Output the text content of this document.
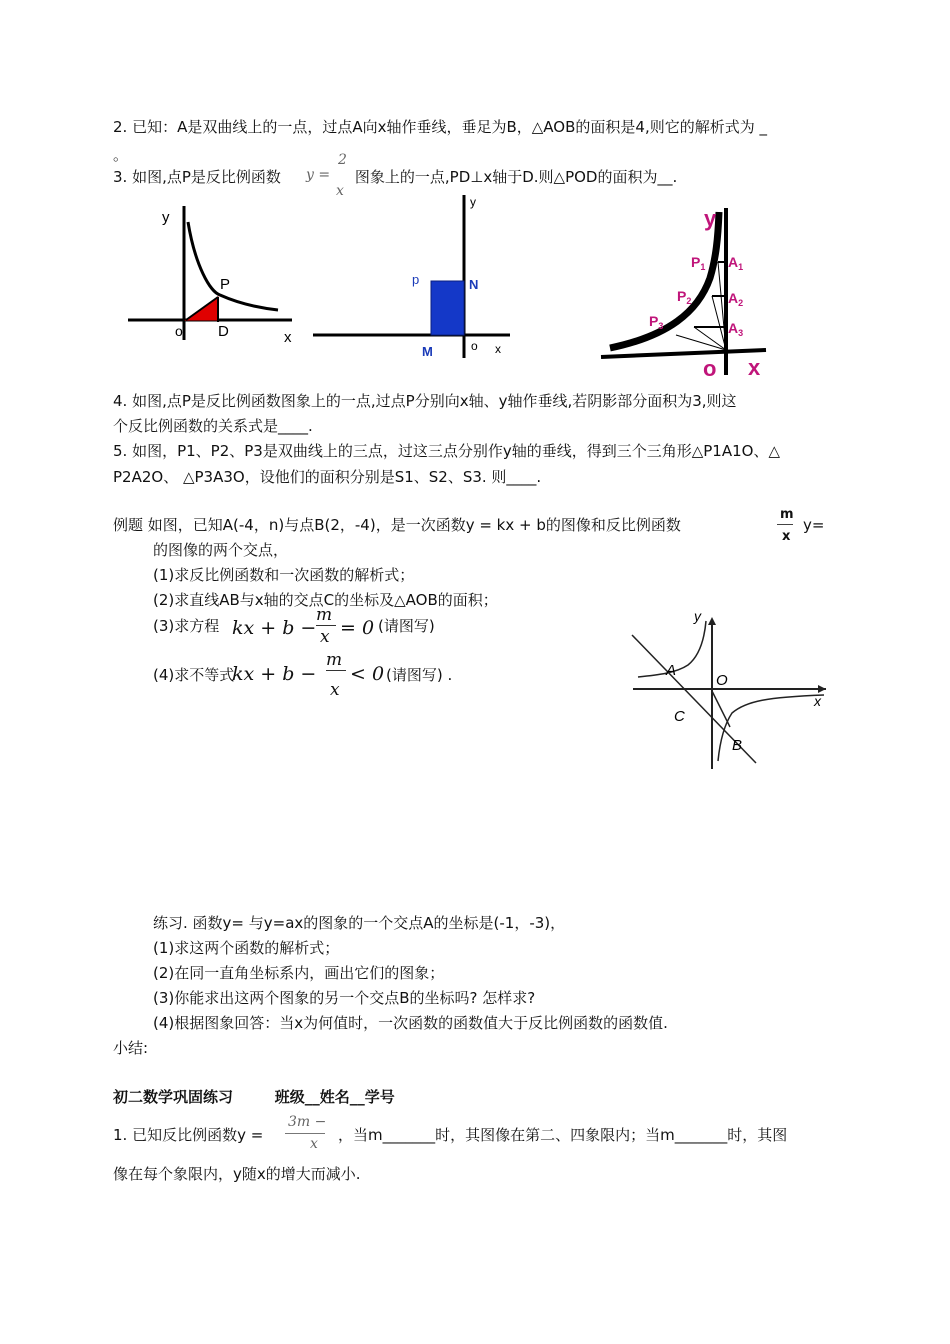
2. 已知：A是双曲线上的一点，过点A向x轴作垂线，垂足为B，△AOB的面积是4,则它的解析式为 _
。
3. 如图,点P是反比例函数	图象上的一点,PD⊥x轴于D.则△POD的面积为__.
y =
2
x
y
x
P
o D
y
x
p	N
M	o
y
x
o
$P_1$ $A_1$
$P_2$	$A_2$
$P_3$	$A_3$
4. 如图,点P是反比例函数图象上的一点,过点P分别向x轴、y轴作垂线,若阴影部分面积为3,则这
个反比例函数的关系式是____.
5. 如图，P1、P2、P3是双曲线上的三点，过这三点分别作y轴的垂线，得到三个三角形△P1A1O、△
P2A2O、 △P3A3O，设他们的面积分别是S1、S2、S3. 则____.
例题 如图，已知A(-4，n)与点B(2，-4)，是一次函数y = kx + b的图像和反比例函数
m
x
y=
的图像的两个交点，
(1)求反比例函数和一次函数的解析式；
(2)求直线AB与x轴的交点C的坐标及△AOB的面积；
(3)求方程 kx + b −
m
x = 0 (请图写)
(4)求不等式
kx + b −
m
x
< 0 (请图写) .
y
x
A
O
C
B
练习. 函数y= 与y=ax的图象的一个交点A的坐标是(-1，-3)，
(1)求这两个函数的解析式；
(2)在同一直角坐标系内，画出它们的图象；
(3)你能求出这两个图象的另一个交点B的坐标吗? 怎样求?
(4)根据图象回答：当x为何值时，一次函数的函数值大于反比例函数的函数值.
小结:
初二数学巩固练习        班级__姓名__学号
1. 已知反比例函数y =
3m −
x ，当m_______时，其图像在第二、四象限内；当m_______时，其图
像在每个象限内，y随x的增大而减小.
